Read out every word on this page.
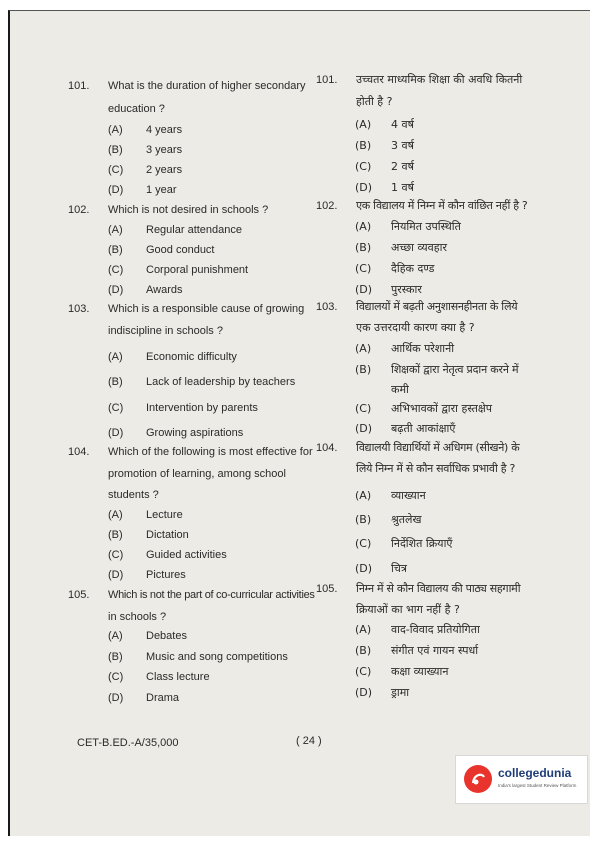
101.	What is the duration of higher secondary
education ?
(A) 4 years
(B) 3 years
(C) 2 years
(D) 1 year
102.	Which is not desired in schools ?
(A) Regular attendance
(B) Good conduct
(C) Corporal punishment
(D) Awards
103.	Which is a responsible cause of growing
indiscipline in schools ?
(A) Economic difficulty
(B) Lack of leadership by teachers
(C) Intervention by parents
(D) Growing aspirations
104.	Which of the following is most effective for
promotion of learning, among school
students ?
(A) Lecture
(B) Dictation
(C) Guided activities
(D) Pictures
105.	Which is not the part of co-curricular activities
in schools ?
(A) Debates
(B) Music and song competitions
(C) Class lecture
(D) Drama
101.	उच्चतर माध्यमिक शिक्षा की अवधि कितनी
होती है ?
(A) 4 वर्ष
(B) 3 वर्ष
(C) 2 वर्ष
(D) 1 वर्ष
102.	एक विद्यालय में निम्न में कौन वांछित नहीं है ?
(A) नियमित उपस्थिति
(B) अच्छा व्यवहार
(C) दैहिक दण्ड
(D) पुरस्कार
103.	विद्यालयों में बढ़ती अनुशासनहीनता के लिये
एक उत्तरदायी कारण क्या है ?
(A) आर्थिक परेशानी
(B) शिक्षकों द्वारा नेतृत्व प्रदान करने में
कमी
(C) अभिभावकों द्वारा हस्तक्षेप
(D) बढ़ती आकांक्षाएँ
104.	विद्यालयी विद्यार्थियों में अधिगम (सीखने) के
लिये निम्न में से कौन सर्वाधिक प्रभावी है ?
(A) व्याख्यान
(B) श्रुतलेख
(C) निर्देशित क्रियाएँ
(D) चित्र
105.	निम्न में से कौन विद्यालय की पाठ्य सहगामी
क्रियाओं का भाग नहीं है ?
(A) वाद-विवाद प्रतियोगिता
(B) संगीत एवं गायन स्पर्धा
(C) कक्षा व्याख्यान
(D) ड्रामा
CET-B.ED.-A/35,000	( 24 )
collegedunia
India's largest Student Review Platform
